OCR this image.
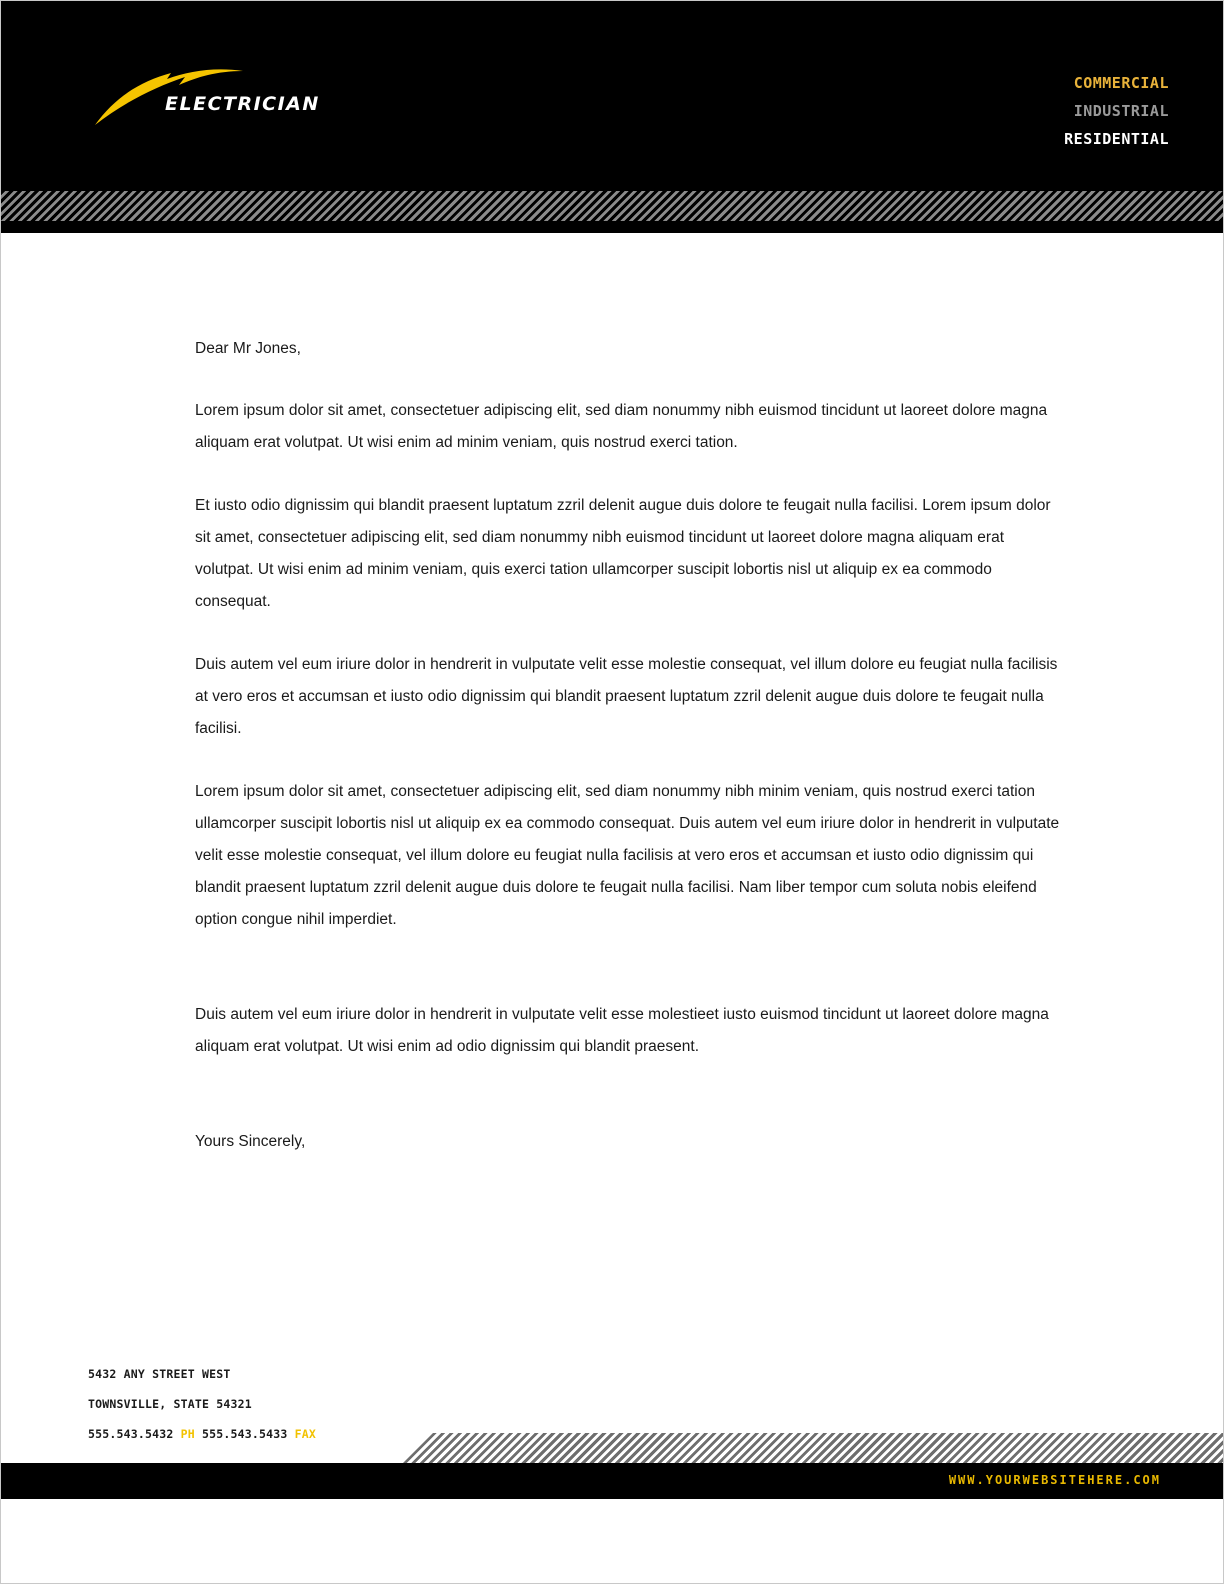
ELECTRICIAN
COMMERCIAL
INDUSTRIAL
RESIDENTIAL

Dear Mr Jones,

Lorem ipsum dolor sit amet, consectetuer adipiscing elit, sed diam nonummy nibh euismod tincidunt ut laoreet dolore magna aliquam erat volutpat. Ut wisi enim ad minim veniam, quis nostrud exerci tation.

Et iusto odio dignissim qui blandit praesent luptatum zzril delenit augue duis dolore te feugait nulla facilisi. Lorem ipsum dolor sit amet, consectetuer adipiscing elit, sed diam nonummy nibh euismod tincidunt ut laoreet dolore magna aliquam erat volutpat. Ut wisi enim ad minim veniam, quis exerci tation ullamcorper suscipit lobortis nisl ut aliquip ex ea commodo consequat.

Duis autem vel eum iriure dolor in hendrerit in vulputate velit esse molestie consequat, vel illum dolore eu feugiat nulla facilisis at vero eros et accumsan et iusto odio dignissim qui blandit praesent luptatum zzril delenit augue duis dolore te feugait nulla facilisi.

Lorem ipsum dolor sit amet, consectetuer adipiscing elit, sed diam nonummy nibh minim veniam, quis nostrud exerci tation ullamcorper suscipit lobortis nisl ut aliquip ex ea commodo consequat. Duis autem vel eum iriure dolor in hendrerit in vulputate velit esse molestie consequat, vel illum dolore eu feugiat nulla facilisis at vero eros et accumsan et iusto odio dignissim qui blandit praesent luptatum zzril delenit augue duis dolore te feugait nulla facilisi. Nam liber tempor cum soluta nobis eleifend option congue nihil imperdiet.

Duis autem vel eum iriure dolor in hendrerit in vulputate velit esse molestieet iusto euismod tincidunt ut laoreet dolore magna aliquam erat volutpat. Ut wisi enim ad odio dignissim qui blandit praesent.

Yours Sincerely,

5432 ANY STREET WEST
TOWNSVILLE, STATE 54321
555.543.5432 PH 555.543.5433 FAX
WWW.YOURWEBSITEHERE.COM
